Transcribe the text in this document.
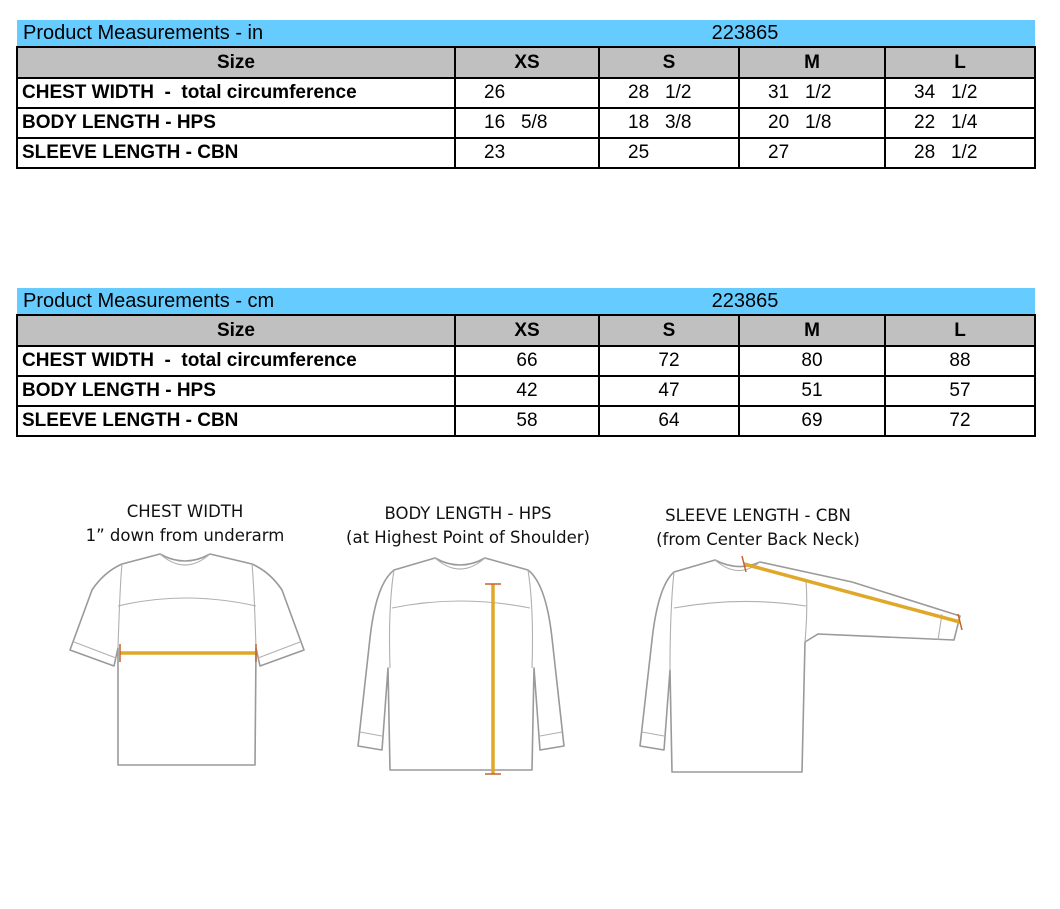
Product Measurements - in	223865			
Size	XS	S	M	L
CHEST WIDTH  -  total circumference	26	28   1/2	31   1/2	34   1/2
BODY LENGTH - HPS	16   5/8	18   3/8	20   1/8	22   1/4
SLEEVE LENGTH - CBN	23	25	27	28   1/2
Product Measurements - cm	223865			
Size	XS	S	M	L
CHEST WIDTH  -  total circumference	66	72	80	88
BODY LENGTH - HPS	42	47	51	57
SLEEVE LENGTH - CBN	58	64	69	72
CHEST WIDTH
1” down from underarm
BODY LENGTH - HPS
(at Highest Point of Shoulder)
SLEEVE LENGTH - CBN
(from Center Back Neck)
